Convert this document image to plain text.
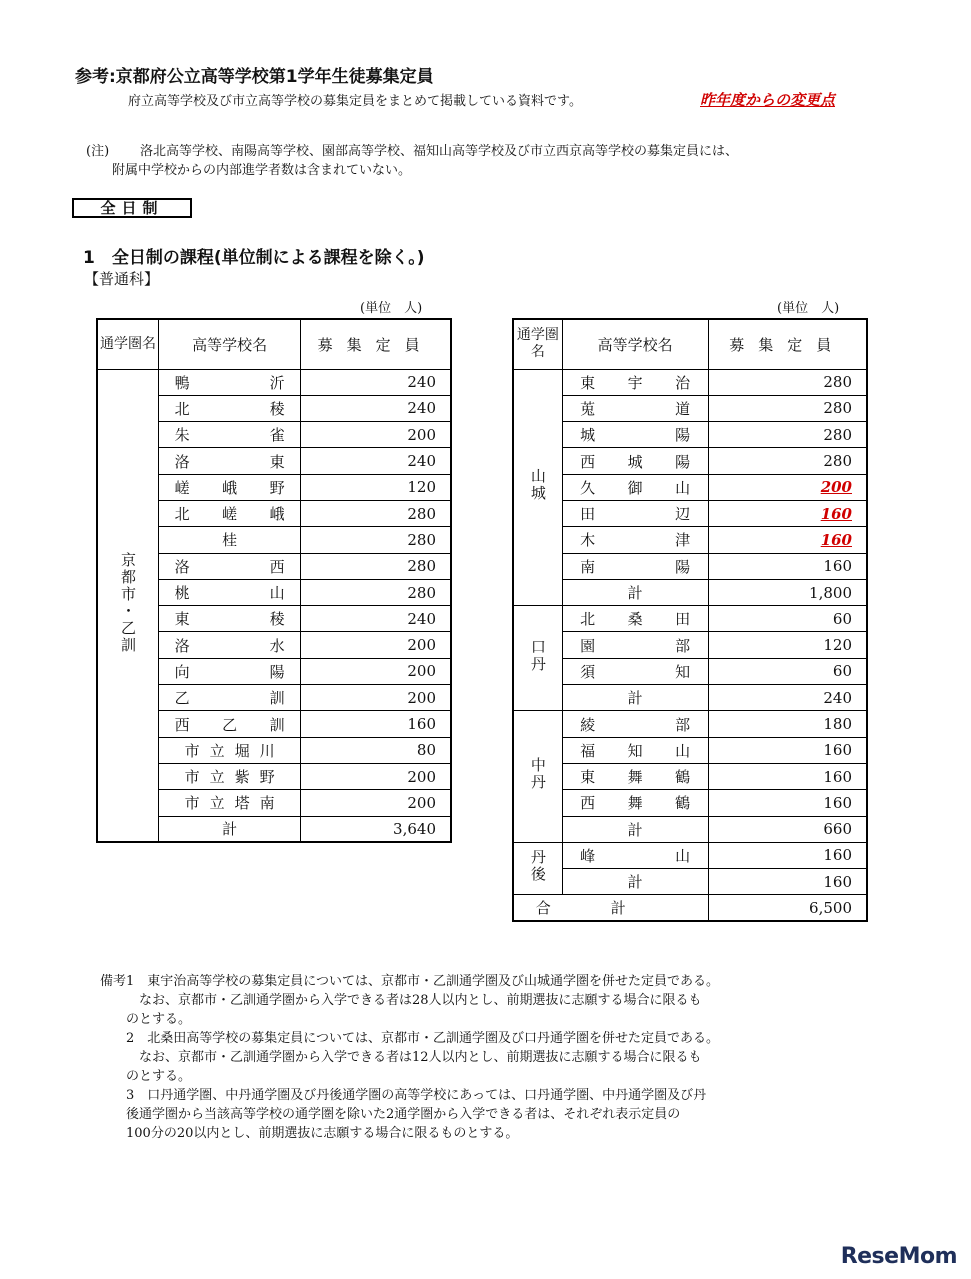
参考:京都府公立高等学校第1学年生徒募集定員
府立高等学校及び市立高等学校の募集定員をまとめて掲載している資料です。	昨年度からの変更点
(注) 洛北高等学校、南陽高等学校、園部高等学校、福知山高等学校及び市立西京高等学校の募集定員には、
附属中学校からの内部進学者数は含まれていない。
全日制
1　全日制の課程(単位制による課程を除く。)
【普通科】
(単位　人)	(単位　人)
通学圏名	高等学校名	募集定員
京都市・乙訓	鴨沂	240
	北稜	240
	朱雀	200
	洛東	240
	嵯峨野	120
	北嵯峨	280
	桂	280
	洛西	280
	桃山	280
	東稜	240
	洛水	200
	向陽	200
	乙訓	200
	西乙訓	160
	市立堀川	80
	市立紫野	200
	市立塔南	200
	計	3,640
通学圏名	高等学校名	募集定員
山城	東宇治	280
	莵道	280
	城陽	280
	西城陽	280
	久御山	200
	田辺	160
	木津	160
	南陽	160
	計	1,800
口丹	北桑田	60
	園部	120
	須知	60
	計	240
中丹	綾部	180
	福知山	160
	東舞鶴	160
	西舞鶴	160
	計	660
丹後	峰山	160
	計	160
合計		6,500
備考1　東宇治高等学校の募集定員については、京都市・乙訓通学圏及び山城通学圏を併せた定員である。
　　　なお、京都市・乙訓通学圏から入学できる者は28人以内とし、前期選抜に志願する場合に限るも
　　のとする。
　　2　北桑田高等学校の募集定員については、京都市・乙訓通学圏及び口丹通学圏を併せた定員である。
　　　なお、京都市・乙訓通学圏から入学できる者は12人以内とし、前期選抜に志願する場合に限るも
　　のとする。
　　3　口丹通学圏、中丹通学圏及び丹後通学圏の高等学校にあっては、口丹通学圏、中丹通学圏及び丹
　　後通学圏から当該高等学校の通学圏を除いた2通学圏から入学できる者は、それぞれ表示定員の
　　100分の20以内とし、前期選抜に志願する場合に限るものとする。
ReseMom
